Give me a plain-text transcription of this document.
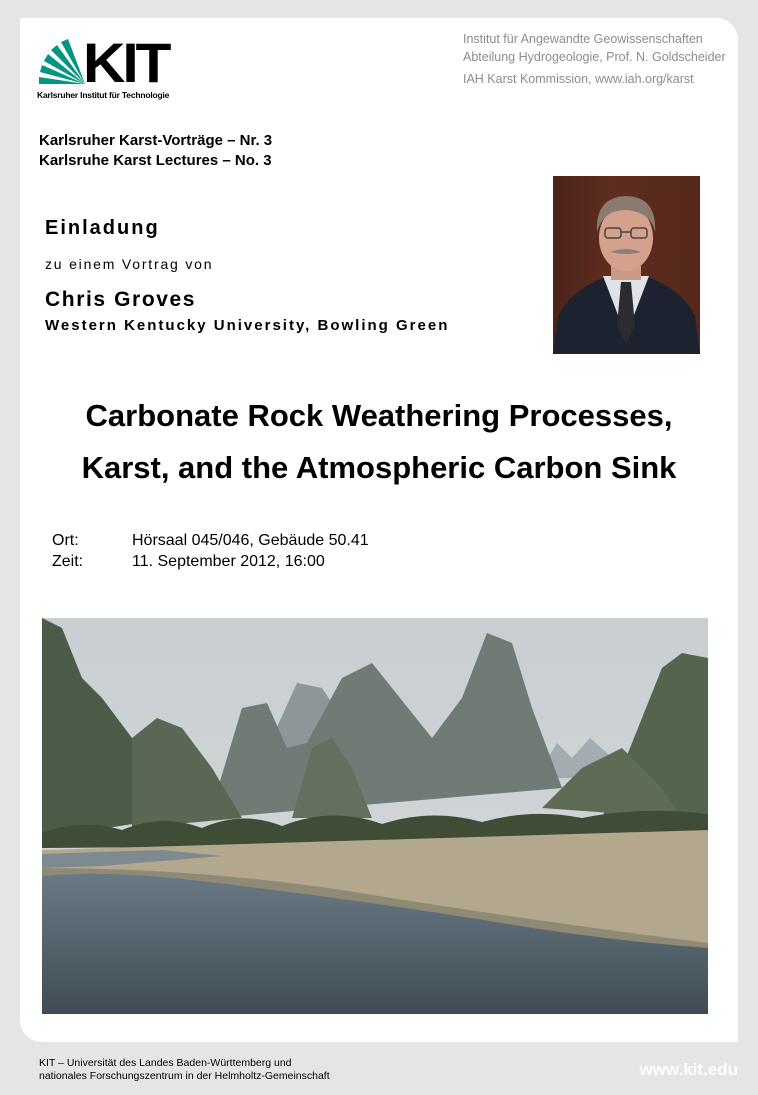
KIT
Karlsruher Institut für Technologie
Institut für Angewandte Geowissenschaften
Abteilung Hydrogeologie, Prof. N. Goldscheider
IAH Karst Kommission, www.iah.org/karst
Karlsruher Karst-Vorträge – Nr. 3
Karlsruhe Karst Lectures – No. 3
Einladung
zu einem Vortrag von
Chris Groves
Western Kentucky University, Bowling Green
Carbonate Rock Weathering Processes,
Karst, and the Atmospheric Carbon Sink
Ort:	Hörsaal 045/046, Gebäude 50.41
Zeit:	11. September 2012, 16:00
KIT – Universität des Landes Baden-Württemberg und
nationales Forschungszentrum in der Helmholtz-Gemeinschaft	www.kit.edu
